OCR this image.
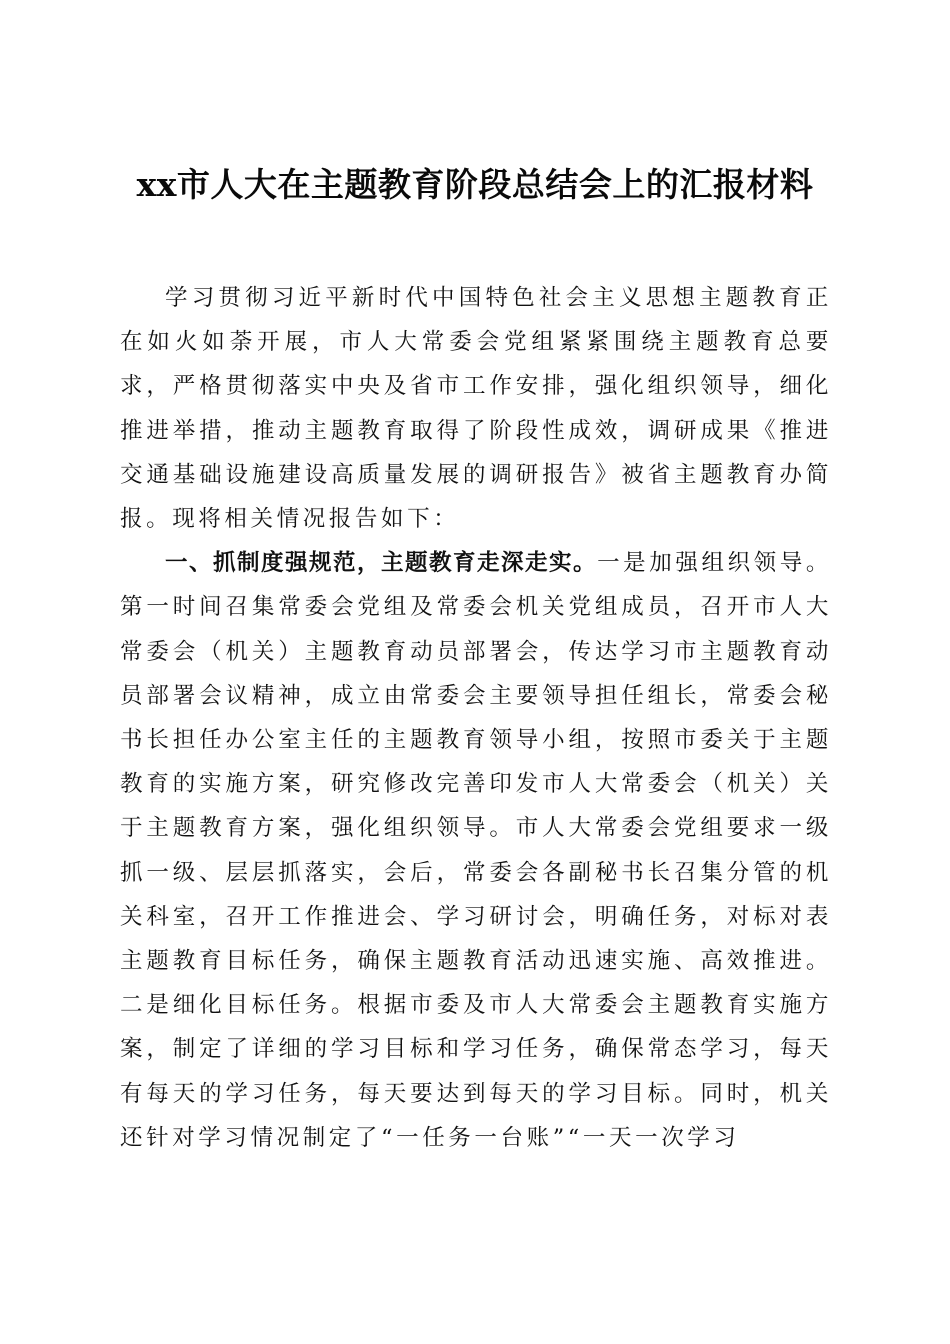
xx市人大在主题教育阶段总结会上的汇报材料

学习贯彻习近平新时代中国特色社会主义思想主题教育正在如火如荼开展，市人大常委会党组紧紧围绕主题教育总要求，严格贯彻落实中央及省市工作安排，强化组织领导，细化推进举措，推动主题教育取得了阶段性成效，调研成果《推进交通基础设施建设高质量发展的调研报告》被省主题教育办简报。现将相关情况报告如下：

一、抓制度强规范，主题教育走深走实。一是加强组织领导。第一时间召集常委会党组及常委会机关党组成员，召开市人大常委会（机关）主题教育动员部署会，传达学习市主题教育动员部署会议精神，成立由常委会主要领导担任组长，常委会秘书长担任办公室主任的主题教育领导小组，按照市委关于主题教育的实施方案，研究修改完善印发市人大常委会（机关）关于主题教育方案，强化组织领导。市人大常委会党组要求一级抓一级、层层抓落实，会后，常委会各副秘书长召集分管的机关科室，召开工作推进会、学习研讨会，明确任务，对标对表主题教育目标任务，确保主题教育活动迅速实施、高效推进。二是细化目标任务。根据市委及市人大常委会主题教育实施方案，制定了详细的学习目标和学习任务，确保常态学习，每天有每天的学习任务，每天要达到每天的学习目标。同时，机关还针对学习情况制定了“一任务一台账”“一天一次学习
